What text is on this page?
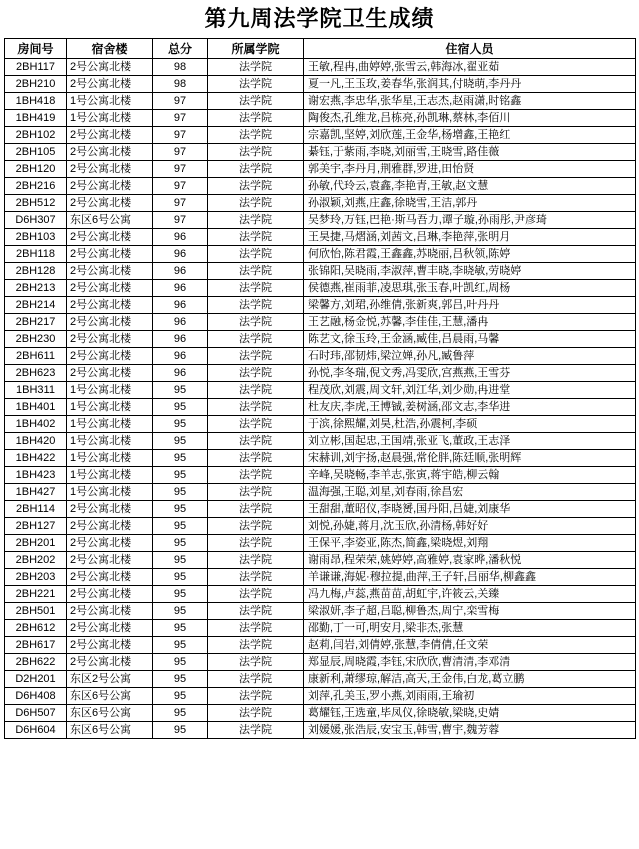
第九周法学院卫生成绩
房间号	宿舍楼	总分	所属学院	住宿人员
2BH117	2号公寓北楼	98	法学院	王敏,程冉,曲婷婷,张雪云,韩海冰,翟亚茹
2BH210	2号公寓北楼	98	法学院	夏一凡,王玉玫,姜春华,张润其,付晓萌,李丹丹
1BH418	1号公寓北楼	97	法学院	谢宏燕,李忠华,张华星,王志杰,赵雨潇,时铭鑫
1BH419	1号公寓北楼	97	法学院	陶俊杰,孔维龙,吕栋亮,孙凯琳,蔡林,李佰川
2BH102	2号公寓北楼	97	法学院	宗嘉凯,坚婷,刘欣莲,王金华,杨增鑫,王艳红
2BH105	2号公寓北楼	97	法学院	綦钰,于紫雨,李晓,刘丽雪,王晓雪,路佳薇
2BH120	2号公寓北楼	97	法学院	郭美宇,李丹月,荆雅群,罗进,田怡贤
2BH216	2号公寓北楼	97	法学院	孙敏,代玲云,袁鑫,李艳青,王敏,赵文慧
2BH512	2号公寓北楼	97	法学院	孙淑颖,刘燕,庄鑫,徐晓雪,王洁,郭丹
D6H307	东区6号公寓	97	法学院	吴梦玲,万钰,巴艳·斯马吾力,谭子璇,孙雨彤,尹彦琦
2BH103	2号公寓北楼	96	法学院	王昊捷,马熠涵,刘茜文,吕琳,李艳萍,张明月
2BH118	2号公寓北楼	96	法学院	何欣怡,陈君霞,王鑫鑫,苏晓丽,吕秋领,陈婷
2BH128	2号公寓北楼	96	法学院	张锦阳,吴晓雨,李淑萍,曹丰晓,李晓敏,劳晓婷
2BH213	2号公寓北楼	96	法学院	侯德燕,崔雨菲,凌思琪,张玉春,叶凯红,周杨
2BH214	2号公寓北楼	96	法学院	梁馨方,刘珺,孙维倩,张新爽,郭吕,叶丹丹
2BH217	2号公寓北楼	96	法学院	王艺融,杨金悦,苏馨,李佳佳,王慧,潘冉
2BH230	2号公寓北楼	96	法学院	陈艺文,徐玉玲,王金涵,臧佳,吕晨雨,马馨
2BH611	2号公寓北楼	96	法学院	石时玮,邵韧炜,梁泣婵,孙凡,臧鲁萍
2BH623	2号公寓北楼	96	法学院	孙悦,李冬瑞,倪文秀,冯雯欣,宫燕燕,王雪芬
1BH311	1号公寓北楼	95	法学院	程茂欣,刘震,周文轩,刘江华,刘少勋,冉进堂
1BH401	1号公寓北楼	95	法学院	杜友庆,李虎,王博铖,姜树涵,邵文志,李华进
1BH402	1号公寓北楼	95	法学院	于滨,徐熙耀,刘昊,杜浩,孙震柯,李硕
1BH420	1号公寓北楼	95	法学院	刘立彬,国起忠,王国靖,张亚飞,董政,王志泽
1BH422	1号公寓北楼	95	法学院	宋赫训,刘宇扬,赵晨强,常伦胖,陈廷顺,张明辉
1BH423	1号公寓北楼	95	法学院	辛峰,吴晓畅,李羊志,张寅,蒋宇皓,柳云翰
1BH427	1号公寓北楼	95	法学院	温海强,王聪,刘星,刘春雨,徐昌宏
2BH114	2号公寓北楼	95	法学院	王甜甜,董昭仪,李晓赟,国丹阳,吕婕,刘康华
2BH127	2号公寓北楼	95	法学院	刘悦,孙婕,蒋月,沈玉欣,孙清杨,韩好好
2BH201	2号公寓北楼	95	法学院	王保平,李姿亚,陈杰,简鑫,梁晓煜,刘翔
2BH202	2号公寓北楼	95	法学院	谢雨昂,程荣荣,姚婷婷,高雅婷,袁家晔,潘秋悦
2BH203	2号公寓北楼	95	法学院	羊谦谦,海妮·穆拉提,曲萍,王子轩,吕丽华,柳鑫鑫
2BH221	2号公寓北楼	95	法学院	冯九梅,卢蕊,燕苗苗,胡虹宇,许筱云,关臻
2BH501	2号公寓北楼	95	法学院	梁淑妍,李子超,吕聪,柳鲁杰,周宁,栾雪梅
2BH612	2号公寓北楼	95	法学院	邵勤,丁一可,明安月,梁非杰,张慧
2BH617	2号公寓北楼	95	法学院	赵莉,闫岩,刘倩婷,张慧,李倩倩,任文荣
2BH622	2号公寓北楼	95	法学院	郑显辰,周晓霞,李钰,宋欣欣,曹清清,李邓清
D2H201	东区2号公寓	95	法学院	康新利,萧缪琼,解洁,高天,王金伟,白龙,葛立鹏
D6H408	东区6号公寓	95	法学院	刘萍,孔美玉,罗小燕,刘雨雨,王瑜初
D6H507	东区6号公寓	95	法学院	葛耀钰,王选童,毕凤仪,徐晓敏,梁晓,史婧
D6H604	东区6号公寓	95	法学院	刘媛媛,张浩辰,安宝玉,韩雪,曹宇,魏芳蓉
